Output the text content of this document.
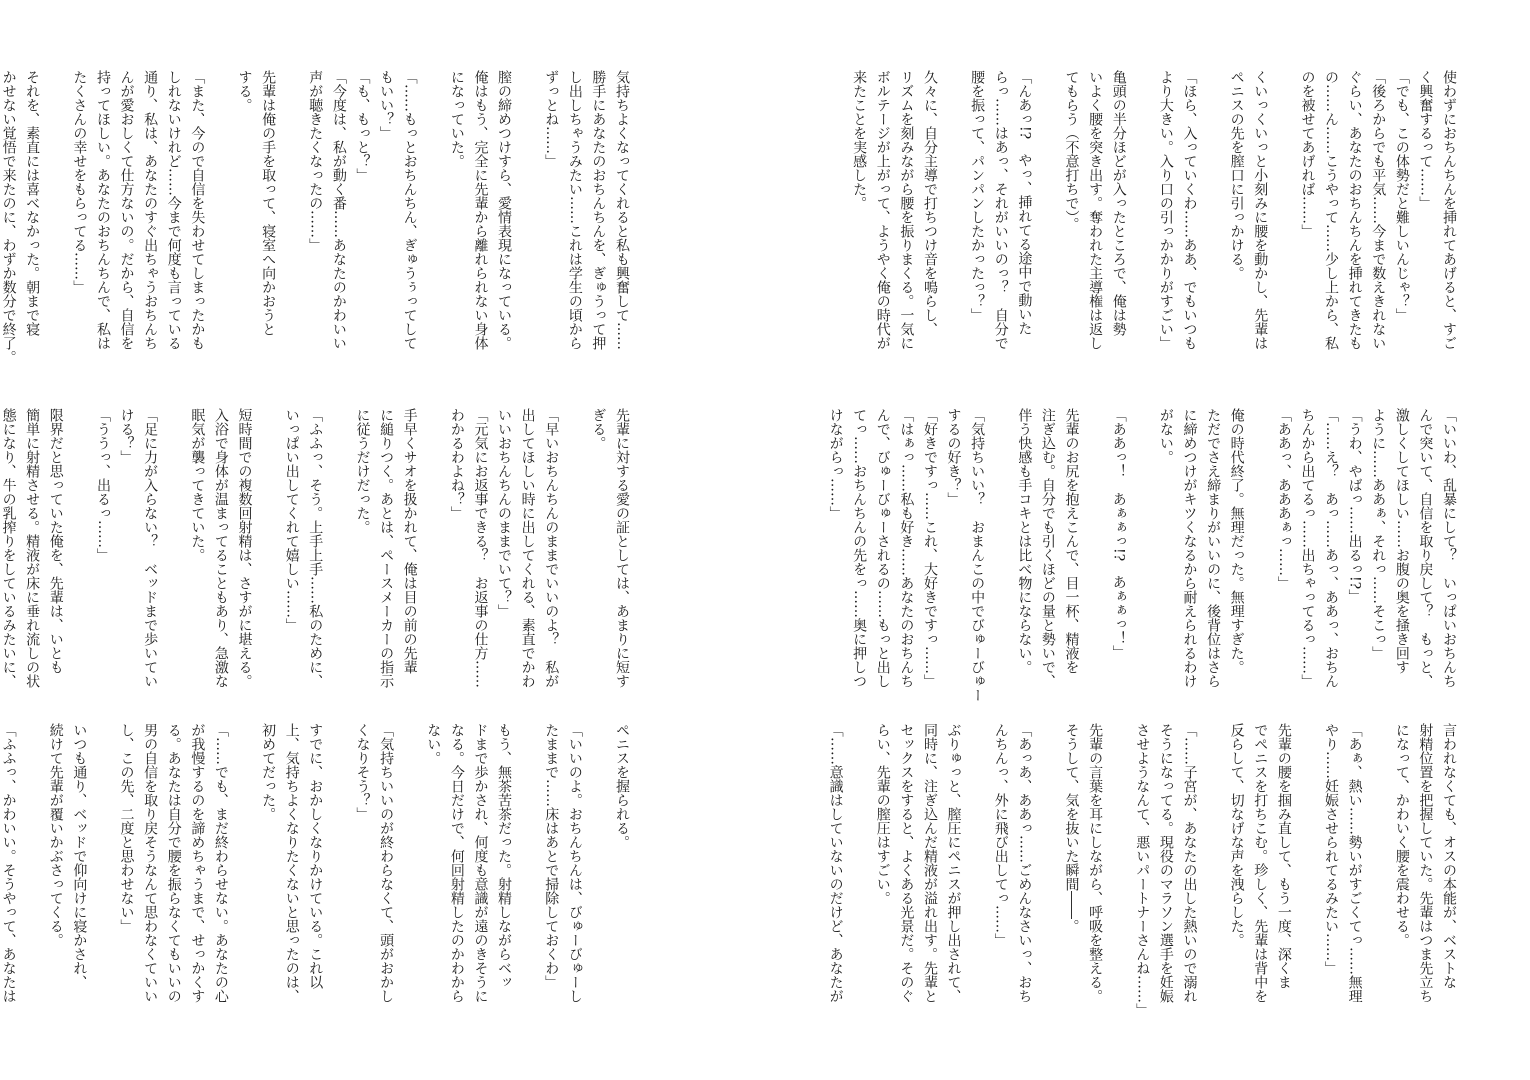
気持ちよくなってくれると私も興奮して……
勝手にあなたのおちんちんを、ぎゅうって押
し出しちゃうみたい……これは学生の頃から
ずっとね……」

膣の締めつけすら、愛情表現になっている。
俺はもう、完全に先輩から離れられない身体
になっていた。

「……もっとおちんちん、ぎゅうぅってして
もいい？」
「も、もっと？」
「今度は、私が動く番……あなたのかわいい
声が聴きたくなったの……」

先輩は俺の手を取って、寝室へ向かおうと
する。

「また、今ので自信を失わせてしまったかも
しれないけれど……今まで何度も言っている
通り、私は、あなたのすぐ出ちゃうおちんち
んが愛おしくて仕方ないの。だから、自信を
持ってほしい。あなたのおちんちんで、私は
たくさんの幸せをもらってる……」

それを、素直には喜べなかった。朝まで寝
かせない覚悟で来たのに、わずか数分で終了。
先輩に対する愛の証としては、あまりに短す
ぎる。

「早いおちんちんのままでいいのよ？　私が
出してほしい時に出してくれる、素直でかわ
いいおちんちんのままでいて？」
「元気にお返事できる？　お返事の仕方……
わかるわよね？」

手早くサオを扱かれて、俺は目の前の先輩
に縋りつく。あとは、ペースメーカーの指示
に従うだけだった。

「ふふっ、そう。上手上手……私のために、
いっぱい出してくれて嬉しい……」

短時間での複数回射精は、さすがに堪える。
入浴で身体が温まってることもあり、急激な
眠気が襲ってきていた。

「足に力が入らない？　ベッドまで歩いてい
ける？」
「ううっ、出るっ……」

限界だと思っていた俺を、先輩は、いとも
簡単に射精させる。精液が床に垂れ流しの状
態になり、牛の乳搾りをしているみたいに、
ペニスを握られる。

「いいのよ。おちんちんは、びゅーびゅーし
たままで……床はあとで掃除しておくわ」

もう、無茶苦茶だった。射精しながらベッ
ドまで歩かされ、何度も意識が遠のきそうに
なる。今日だけで、何回射精したのかわから
ない。

「気持ちいいのが終わらなくて、頭がおかし
くなりそう？」

すでに、おかしくなりかけている。これ以
上、気持ちよくなりたくないと思ったのは、
初めてだった。

「……でも、まだ終わらせない。あなたの心
が我慢するのを諦めちゃうまで、せっかくす
る。あなたは自分で腰を振らなくてもいいの
男の自信を取り戻そうなんて思わなくていい
し、この先、二度と思わせない」

いつも通り、ベッドで仰向けに寝かされ、
続けて先輩が覆いかぶさってくる。

「ふふっ、かわいい。そうやって、あなたは
使わずにおちんちんを挿れてあげると、すご
く興奮するって……」
「でも、この体勢だと難しいんじゃ？」
「後ろからでも平気……今まで数えきれない
ぐらい、あなたのおちんちんを挿れてきたも
の……ん……こうやって……少し上から、私
のを被せてあげれば……」

くいっくいっと小刻みに腰を動かし、先輩は
ペニスの先を膣口に引っかける。

「ほら、入っていくわ……ああ、でもいつも
より大きい。入り口の引っかかりがすごい」

亀頭の半分ほどが入ったところで、俺は勢
いよく腰を突き出す。奪われた主導権は返し
てもらう（不意打ちで）。

「んあっ!?　やっ、挿れてる途中で動いた
らっ……はあっ、それがいいのっ？　自分で
腰を振って、パンパンしたかったっ？」

久々に、自分主導で打ちつけ音を鳴らし、
リズムを刻みながら腰を振りまくる。一気に
ボルテージが上がって、ようやく俺の時代が
来たことを実感した。
「いいわ、乱暴にして？　いっぱいおちんち
んで突いて、自信を取り戻して？　もっと、
激しくしてほしい……お腹の奥を掻き回す
ように……ああぁ、それっ……そこっ」
「うわ、やばっ……出るっ!?」
「……え？　あっ……あっ、ああっ、おちん
ちんから出てるっ……出ちゃってるっ……」
「ああっ、あああぁっ……」

俺の時代終了。無理だった。無理すぎた。
ただでさえ締まりがいいのに、後背位はさら
に締めつけがキツくなるから耐えられるわけ
がない。

「ああっ！　あぁぁっ!?　あぁぁっ！」

先輩のお尻を抱えこんで、目一杯、精液を
注ぎ込む。自分でも引くほどの量と勢いで、
伴う快感も手コキとは比べ物にならない。

「気持ちいい？　おまんこの中でびゅーびゅー
するの好き？」
「好きですっ……これ、大好きですっ……」
「はぁっ……私も好き……あなたのおちんち
んで、びゅーびゅーされるの……もっと出し
てっ……おちんちんの先をっ……奥に押しつ
けながらっ……」
言われなくても、オスの本能が、ベストな
射精位置を把握していた。先輩はつま先立ち
になって、かわいく腰を震わせる。

「あぁ、熱い……勢いがすごくてっ……無理
やり……妊娠させられてるみたい……」

先輩の腰を掴み直して、もう一度、深くま
でペニスを打ちこむ。珍しく、先輩は背中を
反らして、切なげな声を洩らした。

「……子宮が、あなたの出した熱いので溺れ
そうになってる。現役のマラソン選手を妊娠
させようなんて、悪いパートナーさんね……」

先輩の言葉を耳にしながら、呼吸を整える。
そうして、気を抜いた瞬間――。

「あっあ、ああっ……ごめんなさいっ、おち
んちんっ、外に飛び出してっ……」

ぶりゅっと、膣圧にペニスが押し出されて、
同時に、注ぎ込んだ精液が溢れ出す。先輩と
セックスをすると、よくある光景だ。そのぐ
らい、先輩の膣圧はすごい。

「……意識はしていないのだけど、あなたが
